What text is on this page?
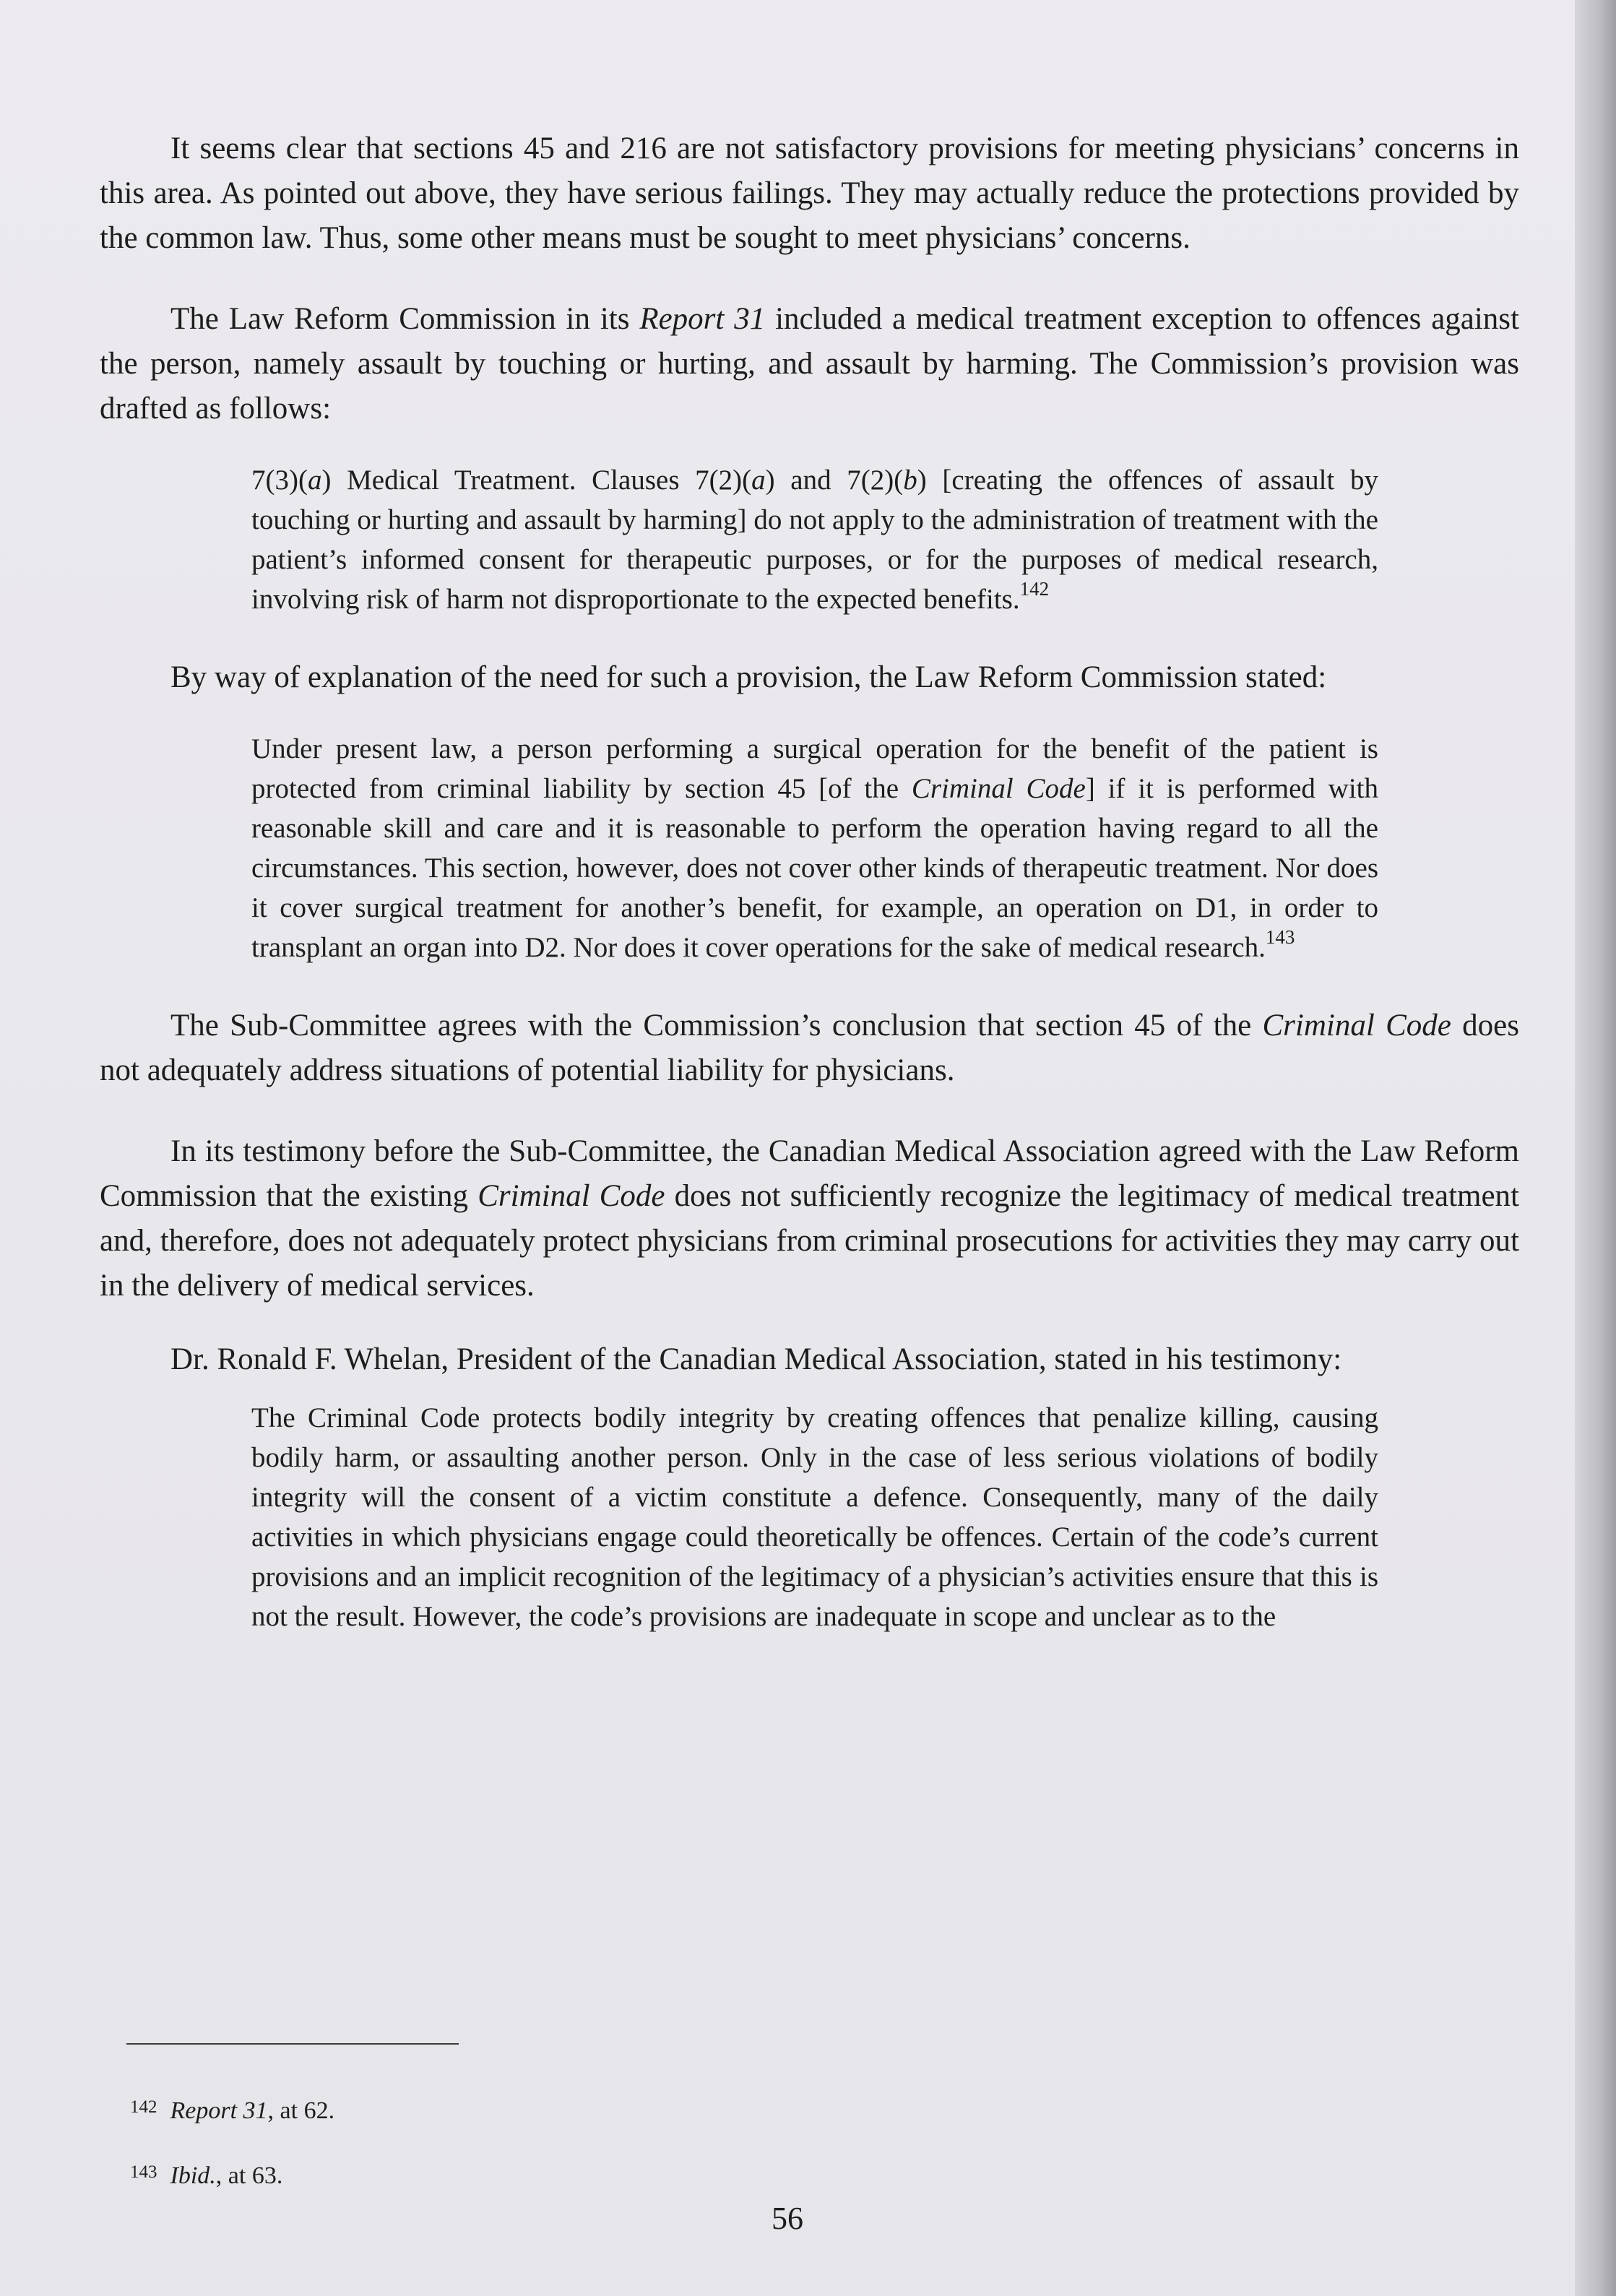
It seems clear that sections 45 and 216 are not satisfactory provisions for meeting physicians’ concerns in this area. As pointed out above, they have serious failings. They may actually reduce the protections provided by the common law. Thus, some other means must be sought to meet physicians’ concerns.

The Law Reform Commission in its Report 31 included a medical treatment exception to offences against the person, namely assault by touching or hurting, and assault by harming. The Commission’s provision was drafted as follows:

7(3)(a) Medical Treatment. Clauses 7(2)(a) and 7(2)(b) [creating the offences of assault by touching or hurting and assault by harming] do not apply to the administration of treatment with the patient’s informed consent for therapeutic purposes, or for the purposes of medical research, involving risk of harm not disproportionate to the expected benefits.$^{142}$

By way of explanation of the need for such a provision, the Law Reform Commission stated:

Under present law, a person performing a surgical operation for the benefit of the patient is protected from criminal liability by section 45 [of the Criminal Code] if it is performed with reasonable skill and care and it is reasonable to perform the operation having regard to all the circumstances. This section, however, does not cover other kinds of therapeutic treatment. Nor does it cover surgical treatment for another’s benefit, for example, an operation on D1, in order to transplant an organ into D2. Nor does it cover operations for the sake of medical research.$^{143}$

The Sub-Committee agrees with the Commission’s conclusion that section 45 of the Criminal Code does not adequately address situations of potential liability for physicians.

In its testimony before the Sub-Committee, the Canadian Medical Association agreed with the Law Reform Commission that the existing Criminal Code does not sufficiently recognize the legitimacy of medical treatment and, therefore, does not adequately protect physicians from criminal prosecutions for activities they may carry out in the delivery of medical services.

Dr. Ronald F. Whelan, President of the Canadian Medical Association, stated in his testimony:

The Criminal Code protects bodily integrity by creating offences that penalize killing, causing bodily harm, or assaulting another person. Only in the case of less serious violations of bodily integrity will the consent of a victim constitute a defence. Consequently, many of the daily activities in which physicians engage could theoretically be offences. Certain of the code’s current provisions and an implicit recognition of the legitimacy of a physician’s activities ensure that this is not the result. However, the code’s provisions are inadequate in scope and unclear as to the

$^{142}$ Report 31, at 62.

$^{143}$ Ibid., at 63.

56
